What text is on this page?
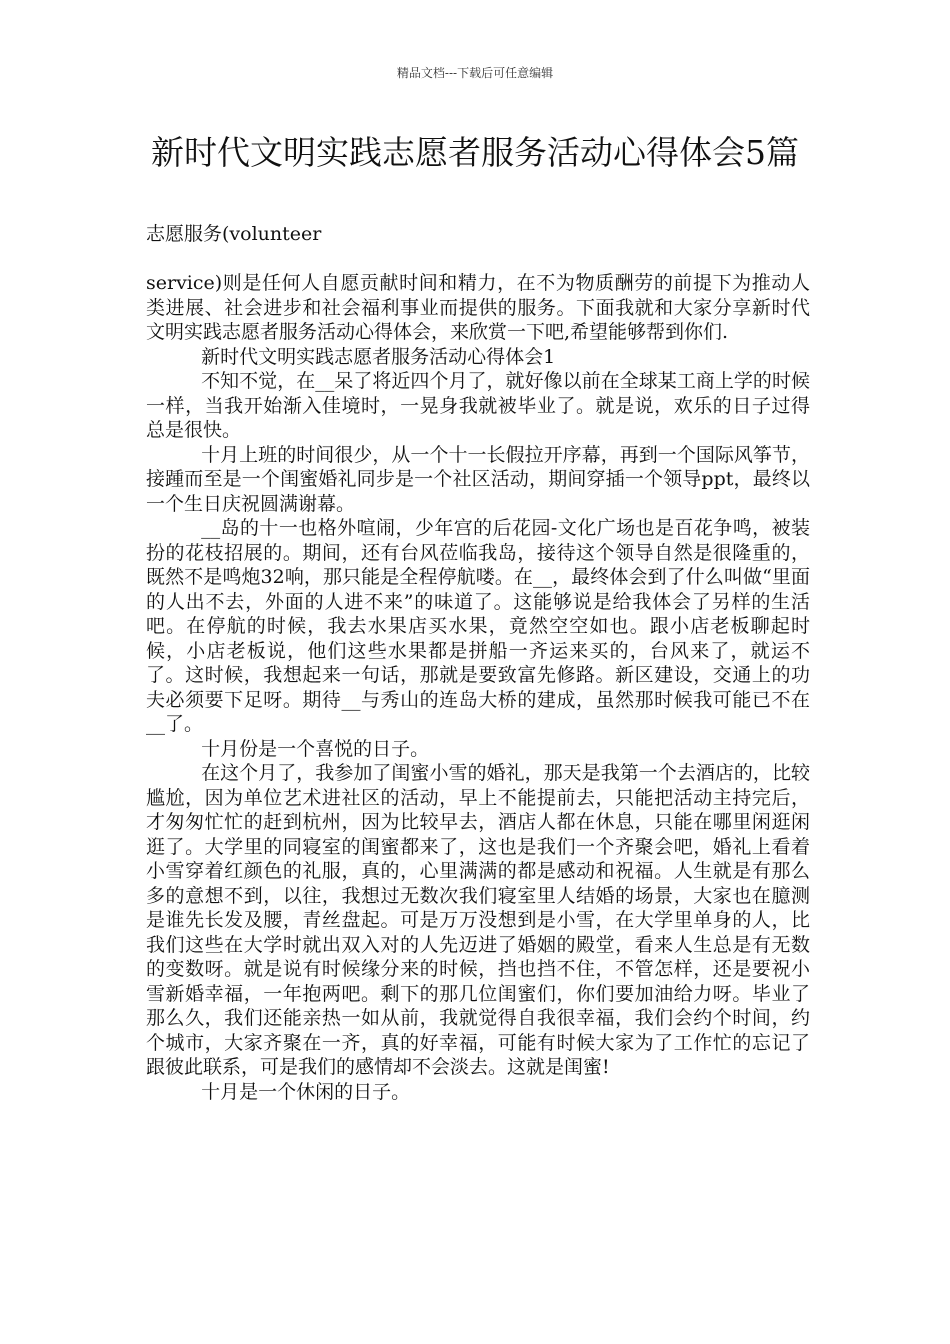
精品文档---下载后可任意编辑
新时代文明实践志愿者服务活动心得体会5篇

志愿服务(volunteer

service)则是任何人自愿贡献时间和精力，在不为物质酬劳的前提下为推动人类进展、社会进步和社会福利事业而提供的服务。下面我就和大家分享新时代文明实践志愿者服务活动心得体会，来欣赏一下吧,希望能够帮到你们.

新时代文明实践志愿者服务活动心得体会1

不知不觉，在__呆了将近四个月了，就好像以前在全球某工商上学的时候一样，当我开始渐入佳境时，一晃身我就被毕业了。就是说，欢乐的日子过得总是很快。

十月上班的时间很少，从一个十一长假拉开序幕，再到一个国际风筝节，接踵而至是一个闺蜜婚礼同步是一个社区活动，期间穿插一个领导ppt，最终以一个生日庆祝圆满谢幕。

__岛的十一也格外喧闹，少年宫的后花园-文化广场也是百花争鸣，被装扮的花枝招展的。期间，还有台风莅临我岛，接待这个领导自然是很隆重的，既然不是鸣炮32响，那只能是全程停航喽。在__，最终体会到了什么叫做“里面的人出不去，外面的人进不来”的味道了。这能够说是给我体会了另样的生活吧。在停航的时候，我去水果店买水果，竟然空空如也。跟小店老板聊起时候，小店老板说，他们这些水果都是拼船一齐运来买的，台风来了，就运不了。这时候，我想起来一句话，那就是要致富先修路。新区建设，交通上的功夫必须要下足呀。期待__与秀山的连岛大桥的建成，虽然那时候我可能已不在__了。

十月份是一个喜悦的日子。

在这个月了，我参加了闺蜜小雪的婚礼，那天是我第一个去酒店的，比较尴尬，因为单位艺术进社区的活动，早上不能提前去，只能把活动主持完后，才匆匆忙忙的赶到杭州，因为比较早去，酒店人都在休息，只能在哪里闲逛闲逛了。大学里的同寝室的闺蜜都来了，这也是我们一个齐聚会吧，婚礼上看着小雪穿着红颜色的礼服，真的，心里满满的都是感动和祝福。人生就是有那么多的意想不到，以往，我想过无数次我们寝室里人结婚的场景，大家也在臆测是谁先长发及腰，青丝盘起。可是万万没想到是小雪，在大学里单身的人，比我们这些在大学时就出双入对的人先迈进了婚姻的殿堂，看来人生总是有无数的变数呀。就是说有时候缘分来的时候，挡也挡不住，不管怎样，还是要祝小雪新婚幸福，一年抱两吧。剩下的那几位闺蜜们，你们要加油给力呀。毕业了那么久，我们还能亲热一如从前，我就觉得自我很幸福，我们会约个时间，约个城市，大家齐聚在一齐，真的好幸福，可能有时候大家为了工作忙的忘记了跟彼此联系，可是我们的感情却不会淡去。这就是闺蜜!

十月是一个休闲的日子。
